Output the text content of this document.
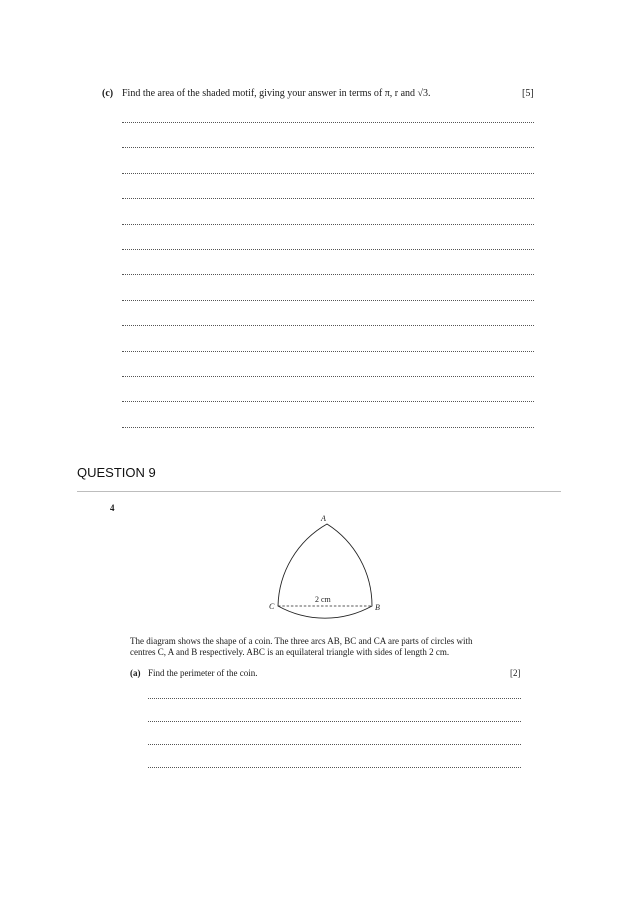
(c) Find the area of the shaded motif, giving your answer in terms of π, r and √3.	[5]
QUESTION 9
4
A
B
C
2 cm
The diagram shows the shape of a coin. The three arcs AB, BC and CA are parts of circles with
centres C, A and B respectively. ABC is an equilateral triangle with sides of length 2 cm.
(a) Find the perimeter of the coin.	[2]
